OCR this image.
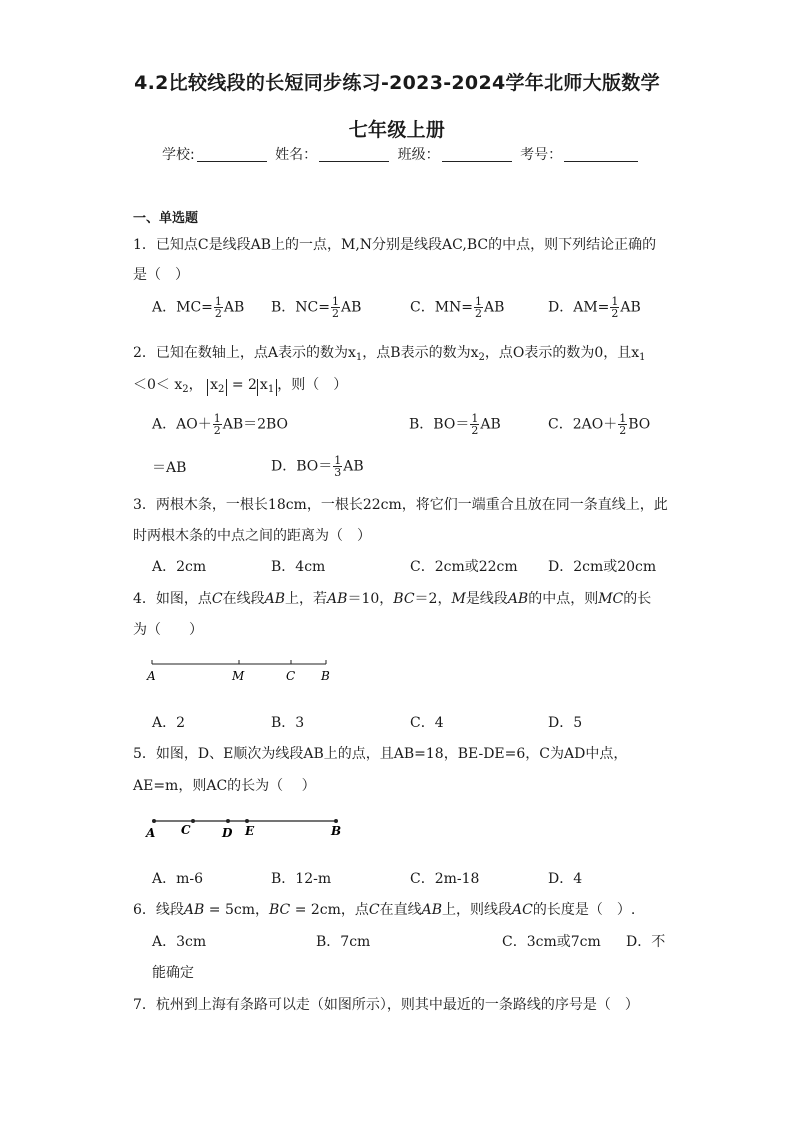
4.2比较线段的长短同步练习-2023-2024学年北师大版数学
七年级上册
学校:	姓名：	班级：	考号：
一、单选题
1．已知点C是线段AB上的一点，M,N分别是线段AC,BC的中点，则下列结论正确的
是（　）
A．$MC= \frac{1}{2}$ AB B．$NC= \frac{1}{2}$ AB	C．$MN= \frac{1}{2}$ AB	D．$AM= \frac{1}{2}$ AB
2．已知在数轴上，点A表示的数为$x_1$，点B表示的数为$x_2$，点O表示的数为0，且$x_1$
$<0< x_2$， $x_2 = 2$ $x_1$ ，则（　）
A．$AO+ \frac{1}{2} AB=2BO$	B．$BO= \frac{1}{2}$ AB	C．$2AO+ \frac{1}{2}$ BO
＝AB	D．$BO= \frac{1}{3}$ AB
3．两根木条，一根长18cm，一根长22cm，将它们一端重合且放在同一条直线上，此
时两根木条的中点之间的距离为（　）
A．2cm	B．4cm	C．2cm或22cm D．2cm或20cm
4．如图，点C在线段AB上，若AB＝10，BC＝2，M是线段AB的中点，则MC的长
为（　　）
A	M	C B
A．2	B．3	C．4	D．5
5．如图，D、E顺次为线段AB上的点，且AB=18，BE-DE=6，C为AD中点，
AE=m，则AC的长为（　 ）
A C	D E	B
A．m-6	B．12-m	C．2m-18	D．4
6．线段AB = 5cm，BC = 2cm，点C在直线AB上，则线段AC的长度是（　）.
A．3cm	B．7cm	C．3cm或7cm D．不
能确定
7．杭州到上海有条路可以走（如图所示），则其中最近的一条路线的序号是（　）
